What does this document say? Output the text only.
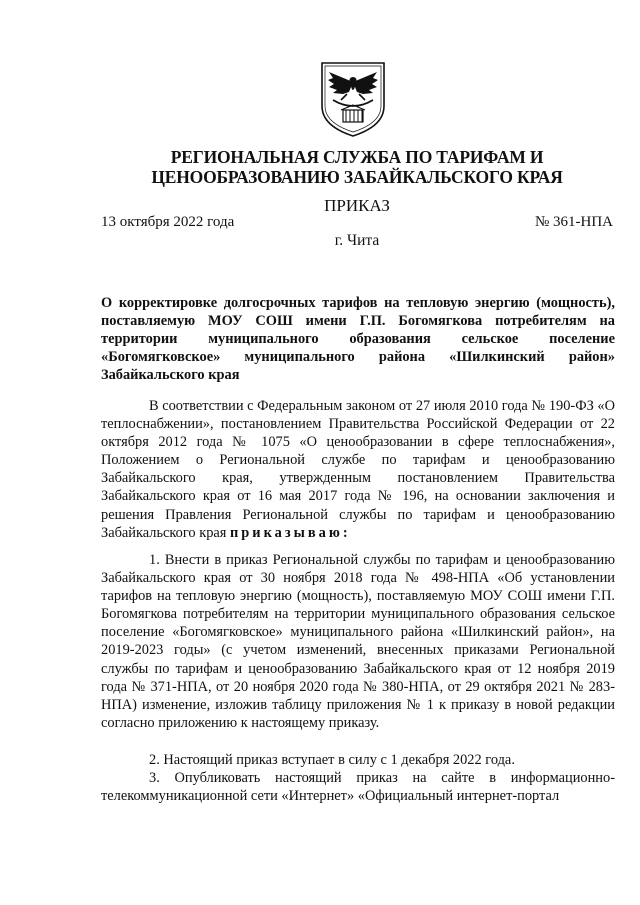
РЕГИОНАЛЬНАЯ СЛУЖБА ПО ТАРИФАМ И
ЦЕНООБРАЗОВАНИЮ ЗАБАЙКАЛЬСКОГО КРАЯ
ПРИКАЗ
13 октября 2022 года	№ 361-НПА
г. Чита
О корректировке долгосрочных тарифов на тепловую энергию (мощность), поставляемую МОУ СОШ имени Г.П. Богомягкова потребителям на территории муниципального образования сельское поселение «Богомягковское» муниципального района «Шилкинский район» Забайкальского края
В соответствии с Федеральным законом от 27 июля 2010 года № 190-ФЗ «О теплоснабжении», постановлением Правительства Российской Федерации от 22 октября 2012 года № 1075 «О ценообразовании в сфере теплоснабжения», Положением о Региональной службе по тарифам и ценообразованию Забайкальского края, утвержденным постановлением Правительства Забайкальского края от 16 мая 2017 года № 196, на основании заключения и решения Правления Региональной службы по тарифам и ценообразованию Забайкальского края приказываю:
1. Внести в приказ Региональной службы по тарифам и ценообразованию Забайкальского края от 30 ноября 2018 года № 498-НПА «Об установлении тарифов на тепловую энергию (мощность), поставляемую МОУ СОШ имени Г.П. Богомягкова потребителям на территории муниципального образования сельское поселение «Богомягковское» муниципального района «Шилкинский район», на 2019-2023 годы» (с учетом изменений, внесенных приказами Региональной службы по тарифам и ценообразованию Забайкальского края от 12 ноября 2019 года № 371-НПА, от 20 ноября 2020 года № 380-НПА, от 29 октября 2021 № 283-НПА) изменение, изложив таблицу приложения № 1 к приказу в новой редакции согласно приложению к настоящему приказу.
2. Настоящий приказ вступает в силу с 1 декабря 2022 года.
3. Опубликовать настоящий приказ на сайте в информационно-телекоммуникационной сети «Интернет» «Официальный интернет-портал
